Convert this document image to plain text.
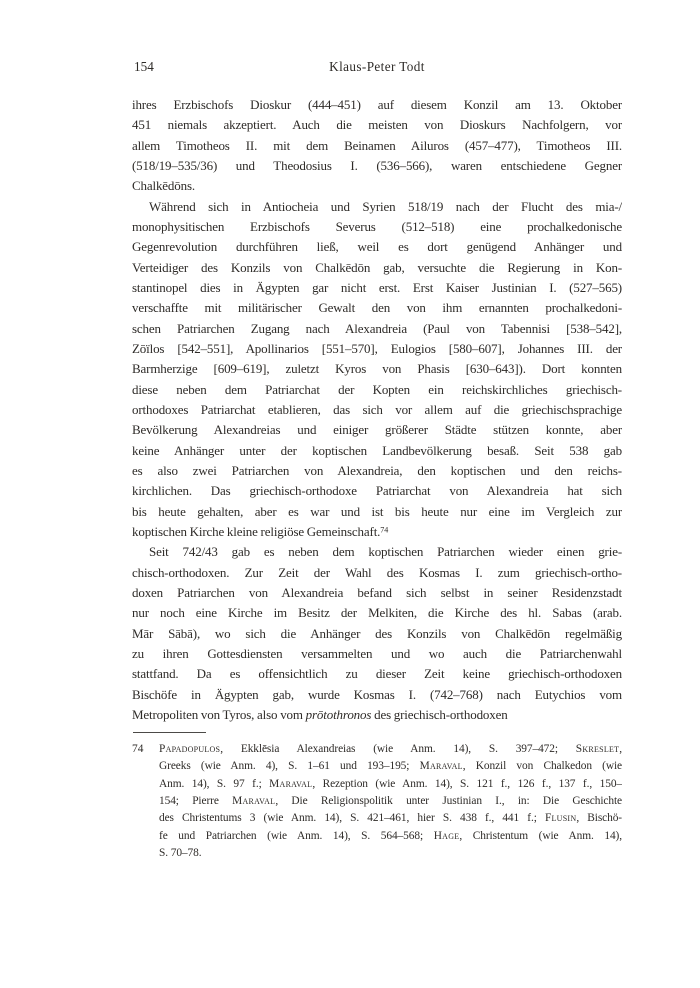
154	Klaus-Peter Todt
ihres Erzbischofs Dioskur (444–451) auf diesem Konzil am 13. Oktober
451 niemals akzeptiert. Auch die meisten von Dioskurs Nachfolgern, vor
allem Timotheos II. mit dem Beinamen Ailuros (457–477), Timotheos III.
(518/19–535/36) und Theodosius I. (536–566), waren entschiedene Gegner
Chalkēdōns.
Während sich in Antiocheia und Syrien 518/19 nach der Flucht des mia-/
monophysitischen Erzbischofs Severus (512–518) eine prochalkedonische
Gegenrevolution durchführen ließ, weil es dort genügend Anhänger und
Verteidiger des Konzils von Chalkēdōn gab, versuchte die Regierung in Kon-
stantinopel dies in Ägypten gar nicht erst. Erst Kaiser Justinian I. (527–565)
verschaffte mit militärischer Gewalt den von ihm ernannten prochalkedoni-
schen Patriarchen Zugang nach Alexandreia (Paul von Tabennisi [538–542],
Zōïlos [542–551], Apollinarios [551–570], Eulogios [580–607], Johannes III. der
Barmherzige [609–619], zuletzt Kyros von Phasis [630–643]). Dort konnten
diese neben dem Patriarchat der Kopten ein reichskirchliches griechisch-
orthodoxes Patriarchat etablieren, das sich vor allem auf die griechischsprachige
Bevölkerung Alexandreias und einiger größerer Städte stützen konnte, aber
keine Anhänger unter der koptischen Landbevölkerung besaß. Seit 538 gab
es also zwei Patriarchen von Alexandreia, den koptischen und den reichs-
kirchlichen. Das griechisch-orthodoxe Patriarchat von Alexandreia hat sich
bis heute gehalten, aber es war und ist bis heute nur eine im Vergleich zur
koptischen Kirche kleine religiöse Gemeinschaft.$^{74}$
Seit 742/43 gab es neben dem koptischen Patriarchen wieder einen grie-
chisch-orthodoxen. Zur Zeit der Wahl des Kosmas I. zum griechisch-ortho-
doxen Patriarchen von Alexandreia befand sich selbst in seiner Residenzstadt
nur noch eine Kirche im Besitz der Melkiten, die Kirche des hl. Sabas (arab.
Mār Sābā), wo sich die Anhänger des Konzils von Chalkēdōn regelmäßig
zu ihren Gottesdiensten versammelten und wo auch die Patriarchenwahl
stattfand. Da es offensichtlich zu dieser Zeit keine griechisch-orthodoxen
Bischöfe in Ägypten gab, wurde Kosmas I. (742–768) nach Eutychios vom
Metropoliten von Tyros, also vom prōtothronos des griechisch-orthodoxen
74	Papadopulos, Ekklēsia Alexandreias (wie Anm. 14), S. 397–472; Skreslet,
Greeks (wie Anm. 4), S. 1–61 und 193–195; Maraval, Konzil von Chalkedon (wie
Anm. 14), S. 97 f.; Maraval, Rezeption (wie Anm. 14), S. 121 f., 126 f., 137 f., 150–
154; Pierre Maraval, Die Religionspolitik unter Justinian I., in: Die Geschichte
des Christentums 3 (wie Anm. 14), S. 421–461, hier S. 438 f., 441 f.; Flusin, Bischö-
fe und Patriarchen (wie Anm. 14), S. 564–568; Hage, Christentum (wie Anm. 14),
S. 70–78.
